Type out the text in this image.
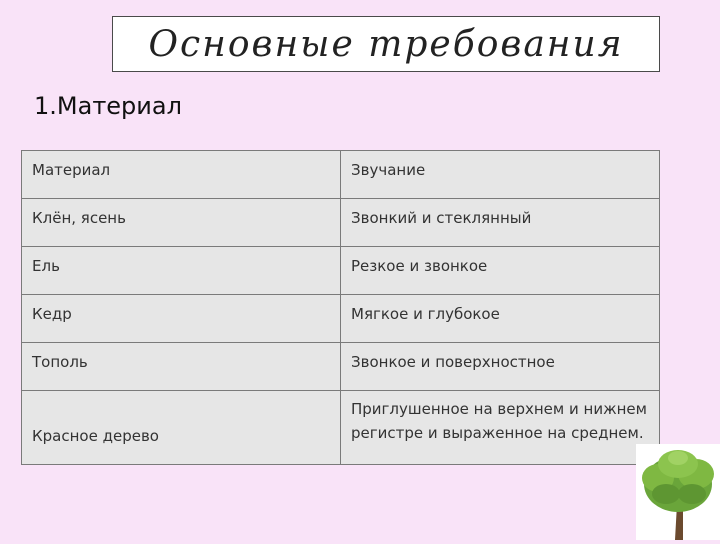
Основные требования
1.Материал
Материал	Звучание
Клён, ясень	Звонкий и стеклянный
Ель	Резкое и звонкое
Кедр	Мягкое и глубокое
Тополь	Звонкое и поверхностное
Красное дерево	Приглушенное на верхнем и нижнем
регистре и выраженное на среднем.
